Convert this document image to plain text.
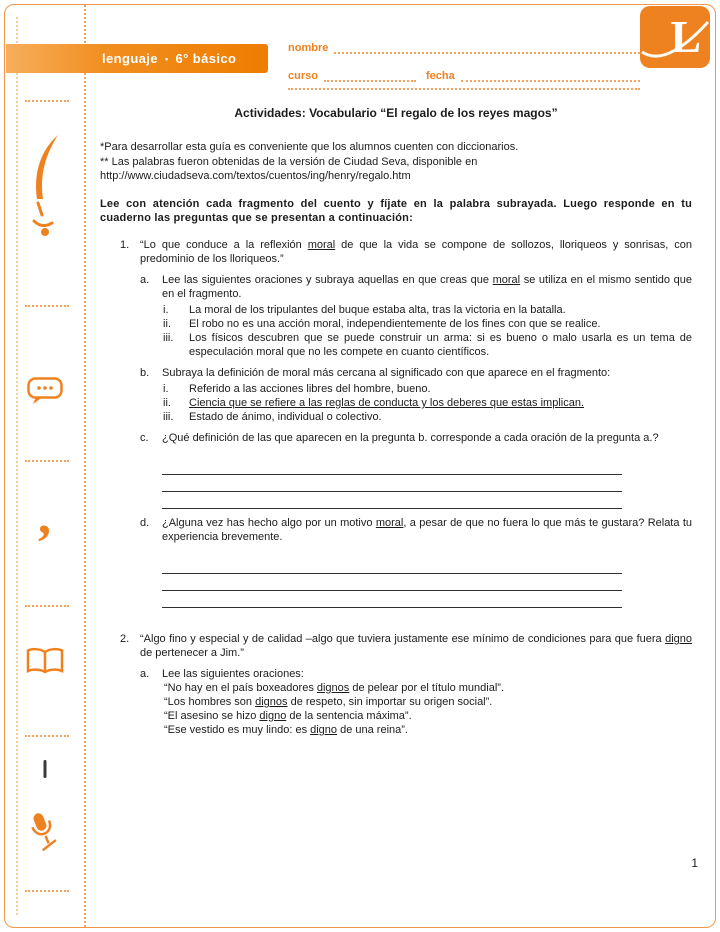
,
lenguaje ▪ 6° básico
nombre
curso	fecha
L
Actividades: Vocabulario “El regalo de los reyes magos”

*Para desarrollar esta guía es conveniente que los alumnos cuenten con diccionarios.

** Las palabras fueron obtenidas de la versión de Ciudad Seva, disponible en
http://www.ciudadseva.com/textos/cuentos/ing/henry/regalo.htm

Lee con atención cada fragmento del cuento y fíjate en la palabra subrayada. Luego responde en tu cuaderno las preguntas que se presentan a continuación:

1. “Lo que conduce a la reflexión moral de que la vida se compone de sollozos, lloriqueos y sonrisas, con predominio de los lloriqueos.”

a.	Lee las siguientes oraciones y subraya aquellas en que creas que moral se utiliza en el mismo sentido que en el fragmento.

i.	La moral de los tripulantes del buque estaba alta, tras la victoria en la batalla.

ii.	El robo no es una acción moral, independientemente de los fines con que se realice.

iii.	Los físicos descubren que se puede construir un arma: si es bueno o malo usarla es un tema de especulación moral que no les compete en cuanto científicos.

b.	Subraya la definición de moral más cercana al significado con que aparece en el fragmento:

i.	Referido a las acciones libres del hombre, bueno.

ii.	Ciencia que se refiere a las reglas de conducta y los deberes que estas implican.

iii.	Estado de ánimo, individual o colectivo.

c.	¿Qué definición de las que aparecen en la pregunta b. corresponde a cada oración de la pregunta a.?

d.	¿Alguna vez has hecho algo por un motivo moral, a pesar de que no fuera lo que más te gustara? Relata tu experiencia brevemente.

2. “Algo fino y especial y de calidad –algo que tuviera justamente ese mínimo de condiciones para que fuera digno de pertenecer a Jim.”

a.	Lee las siguientes oraciones:

“No hay en el país boxeadores dignos de pelear por el título mundial”.

“Los hombres son dignos de respeto, sin importar su origen social”.

“El asesino se hizo digno de la sentencia máxima”.

“Ese vestido es muy lindo: es digno de una reina”.

1
